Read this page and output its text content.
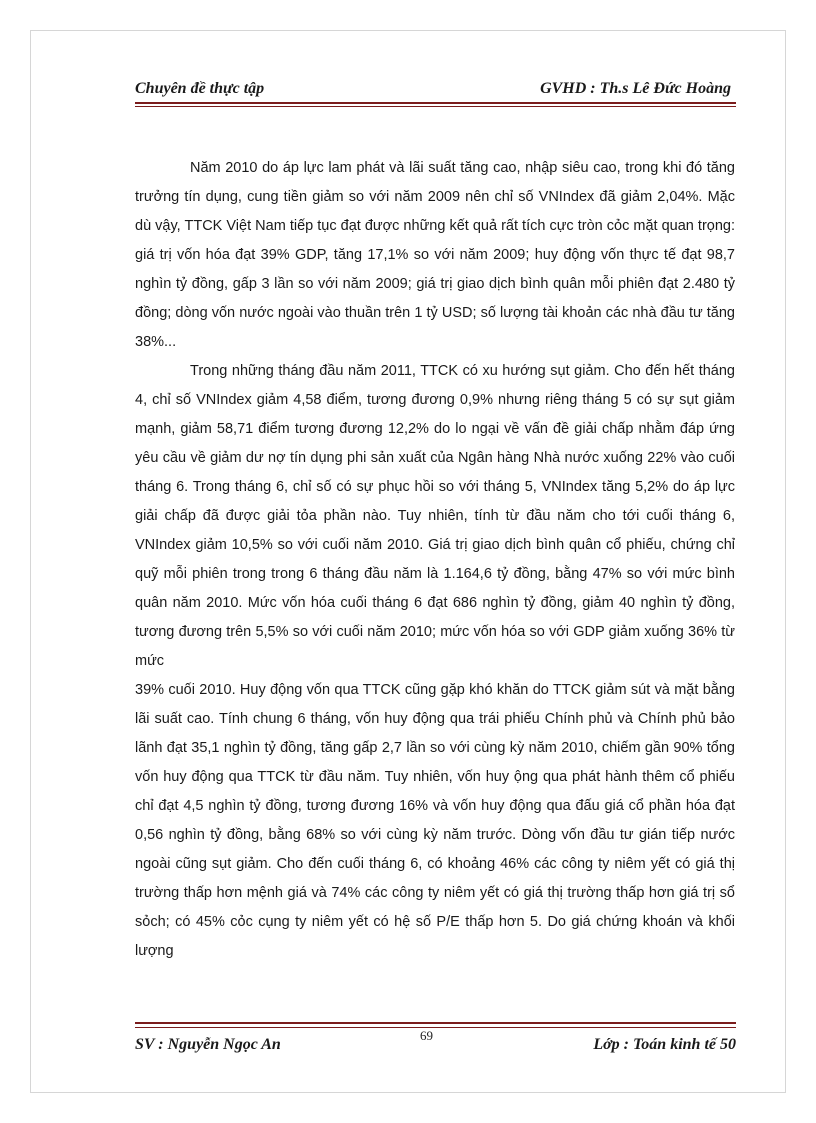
Chuyên đề thực tập	GVHD : Th.s Lê Đức Hoàng

Năm 2010 do áp lực lam phát và lãi suất tăng cao, nhập siêu cao, trong khi đó tăng trưởng tín dụng, cung tiền giảm so với năm 2009 nên chỉ số VNIndex đã giảm 2,04%. Mặc dù vậy, TTCK Việt Nam tiếp tục đạt được những kết quả rất tích cực tròn cỏc mặt quan trọng: giá trị vốn hóa đạt 39% GDP, tăng 17,1% so với năm 2009; huy động vốn thực tế đạt 98,7 nghìn tỷ đồng, gấp 3 lần so với năm 2009; giá trị giao dịch bình quân mỗi phiên đạt 2.480 tỷ đồng; dòng vốn nước ngoài vào thuần trên 1 tỷ USD; số lượng tài khoản các nhà đầu tư tăng 38%...

Trong những tháng đầu năm 2011, TTCK có xu hướng sụt giảm. Cho đến hết tháng 4, chỉ số VNIndex giảm 4,58 điểm, tương đương 0,9% nhưng riêng tháng 5 có sự sụt giảm mạnh, giảm 58,71 điểm tương đương 12,2% do lo ngại về vấn đề giải chấp nhằm đáp ứng yêu cầu về giảm dư nợ tín dụng phi sản xuất của Ngân hàng Nhà nước xuống 22% vào cuối tháng 6. Trong tháng 6, chỉ số có sự phục hồi so với tháng 5, VNIndex tăng 5,2% do áp lực giải chấp đã được giải tỏa phần nào. Tuy nhiên, tính từ đầu năm cho tới cuối tháng 6, VNIndex giảm 10,5% so với cuối năm 2010. Giá trị giao dịch bình quân cổ phiếu, chứng chỉ quỹ mỗi phiên trong trong 6 tháng đầu năm là 1.164,6 tỷ đồng, bằng 47% so với mức bình quân năm 2010. Mức vốn hóa cuối tháng 6 đạt 686 nghìn tỷ đồng, giảm 40 nghìn tỷ đồng, tương đương trên 5,5% so với cuối năm 2010; mức vốn hóa so với GDP giảm xuống 36% từ mức

39% cuối 2010. Huy động vốn qua TTCK cũng gặp khó khăn do TTCK giảm sút và mặt bằng lãi suất cao. Tính chung 6 tháng, vốn huy động qua trái phiếu Chính phủ và Chính phủ bảo lãnh đạt 35,1 nghìn tỷ đồng, tăng gấp 2,7 lần so với cùng kỳ năm 2010, chiếm gần 90% tổng vốn huy động qua TTCK từ đầu năm. Tuy nhiên, vốn huy ộng qua phát hành thêm cổ phiếu chỉ đạt 4,5 nghìn tỷ đồng, tương đương 16% và vốn huy động qua đấu giá cổ phần hóa đạt 0,56 nghìn tỷ đồng, bằng 68% so với cùng kỳ năm trước. Dòng vốn đầu tư gián tiếp nước ngoài cũng sụt giảm. Cho đến cuối tháng 6, có khoảng 46% các công ty niêm yết có giá thị trường thấp hơn mệnh giá và 74% các công ty niêm yết có giá thị trường thấp hơn giá trị sổ sỏch; có 45% cỏc cụng ty niêm yết có hệ số P/E thấp hơn 5. Do giá chứng khoán và khối lượng

69
SV : Nguyễn Ngọc An	Lớp : Toán kinh tế 50
